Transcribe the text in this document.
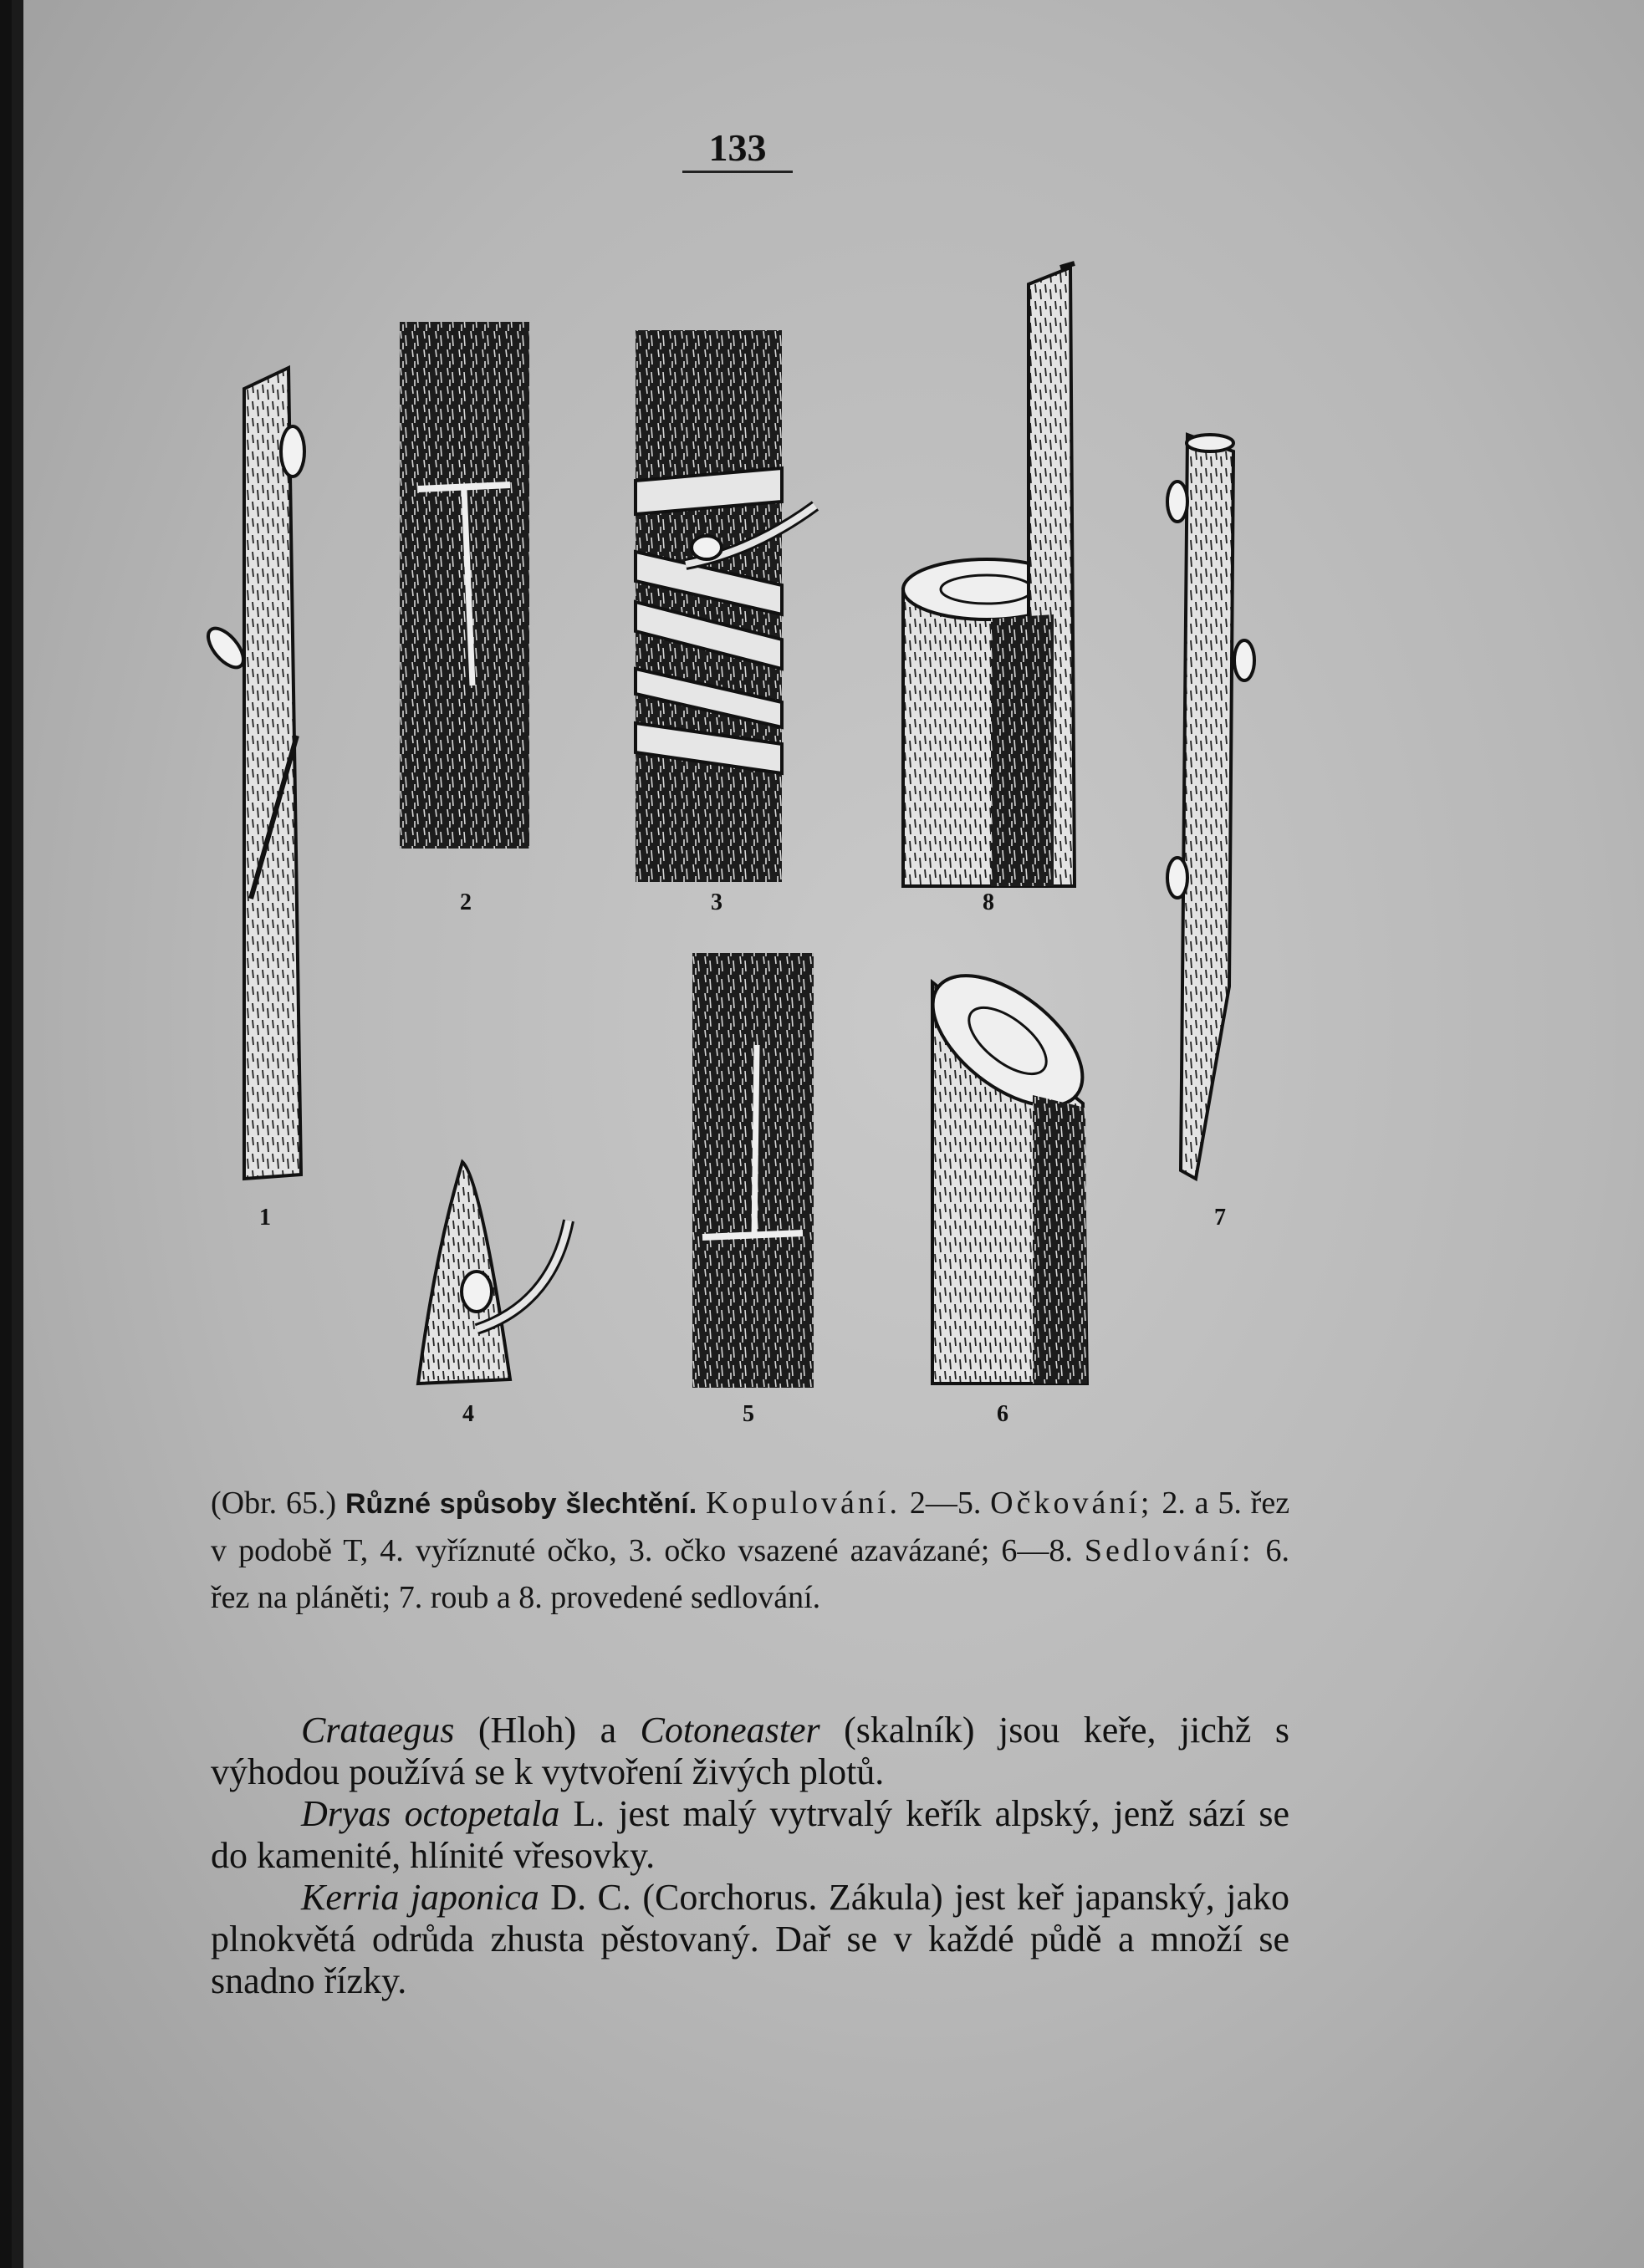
133
1
2	3	8
7
4	5	6
(Obr. 65.) Různé spůsoby šlechtění. Kopulování. 2—5. Očkování; 2. a 5. řez v podobě T, 4. vyříznuté očko, 3. očko vsazené azavázané; 6—8. Sedlování: 6. řez na pláněti; 7. roub a 8. provedené sedlování.

Crataegus (Hloh) a Cotoneaster (skalník) jsou keře, jichž s výhodou používá se k vytvoření živých plotů.

Dryas octopetala L. jest malý vytrvalý keřík alpský, jenž sází se do kamenité, hlínité vřesovky.

Kerria japonica D. C. (Corchorus. Zákula) jest keř japanský, jako plnokvětá odrůda zhusta pěstovaný. Dař se v každé půdě a množí se snadno řízky.
